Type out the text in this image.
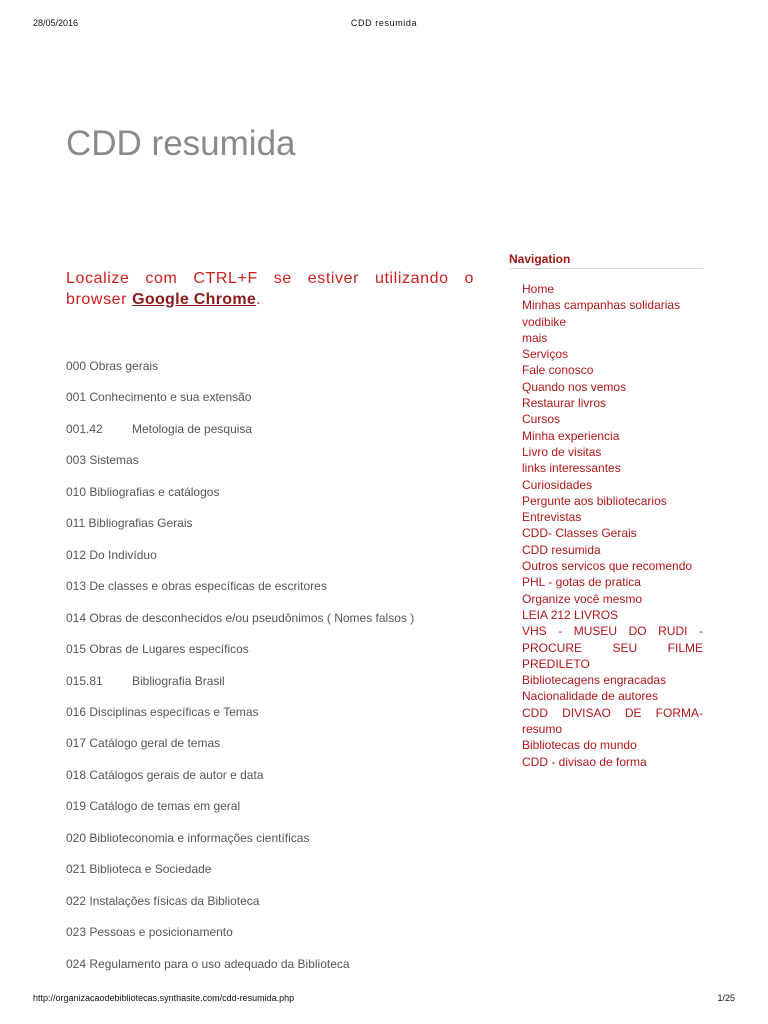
28/05/2016	CDD resumida
CDD resumida
Localize com CTRL+F se estiver utilizando o browser Google Chrome.
000 Obras gerais
001 Conhecimento e sua extensão
001.42 Metologia de pesquisa
003 Sistemas
010 Bibliografias e catálogos
011 Bibliografias Gerais
012 Do Indivíduo
013 De classes e obras específicas de escritores
014 Obras de desconhecidos e/ou pseudônimos ( Nomes falsos )
015 Obras de Lugares específicos
015.81 Bibliografia Brasil
016 Disciplinas específicas e Temas
017 Catálogo geral de temas
018 Catálogos gerais de autor e data
019 Catálogo de temas em geral
020 Biblioteconomia e informações científicas
021 Biblioteca e Sociedade
022 Instalações físicas da Biblioteca
023 Pessoas e posicionamento
024 Regulamento para o uso adequado da Biblioteca
Navigation
Home
Minhas campanhas solidarias
vodibike
mais
Serviços
Fale conosco
Quando nos vemos
Restaurar livros
Cursos
Minha experiencia
Livro de visitas
links interessantes
Curiosidades
Pergunte aos bibliotecarios
Entrevistas
CDD- Classes Gerais
CDD resumida
Outros servicos que recomendo
PHL - gotas de pratica
Organize você mesmo
LEIA 212 LIVROS
VHS - MUSEU DO RUDI - PROCURE SEU FILME PREDILETO
Bibliotecagens engracadas
Nacionalidade de autores
CDD DIVISAO DE FORMA-resumo
Bibliotecas do mundo
CDD - divisao de forma
http://organizacaodebibliotecas.synthasite.com/cdd-resumida.php	1/25
